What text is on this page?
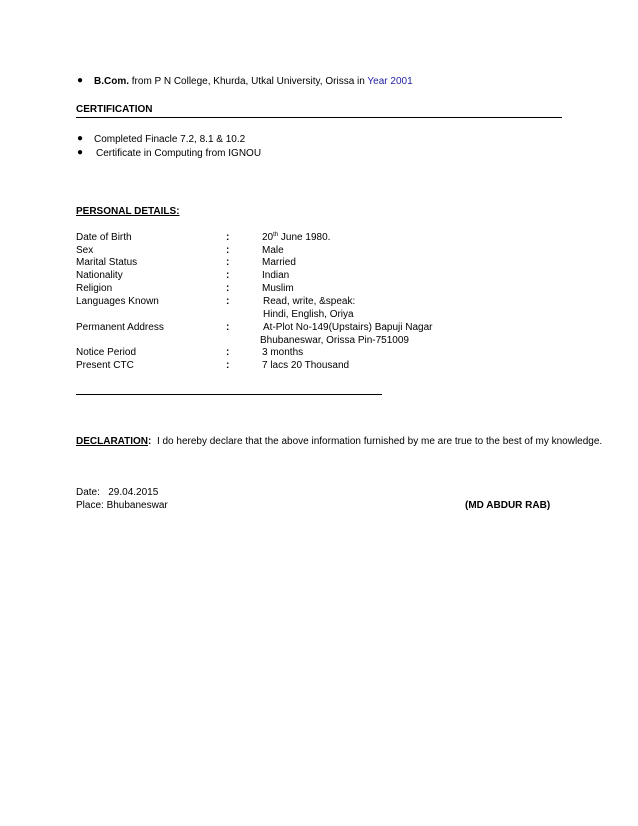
● B.Com. from P N College, Khurda, Utkal University, Orissa in Year 2001
CERTIFICATION
● Completed Finacle 7.2, 8.1 & 10.2
● Certificate in Computing from IGNOU
PERSONAL DETAILS:
Date of Birth	:	20th June 1980.
Sex	:	Male
Marital Status	:	Married
Nationality	:	Indian
Religion	:	Muslim
Languages Known	:	Read, write, &speak:
Hindi, English, Oriya
Permanent Address	:	At-Plot No-149(Upstairs) Bapuji Nagar
Bhubaneswar, Orissa Pin-751009
Notice Period	:	3 months
Present CTC	:	7 lacs 20 Thousand
DECLARATION: I do hereby declare that the above information furnished by me are true to the best of my knowledge.
Date:   29.04.2015
Place: Bhubaneswar	(MD ABDUR RAB)
